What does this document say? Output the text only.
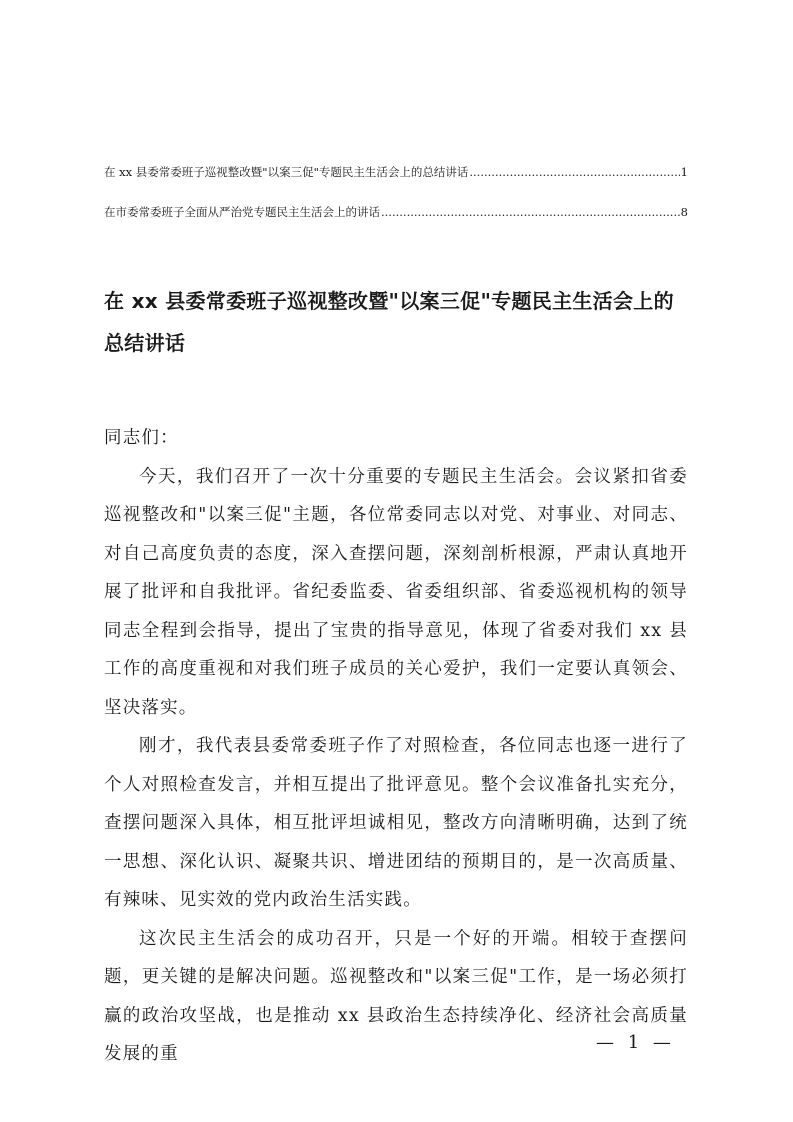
在 xx 县委常委班子巡视整改暨"以案三促"专题民主生活会上的总结讲话 .....	1
在市委常委班子全面从严治党专题民主生活会上的讲话 .....	8
在 xx 县委常委班子巡视整改暨"以案三促"专题民主生活会上的
总结讲话

同志们：

今天，我们召开了一次十分重要的专题民主生活会。会议紧扣省委巡视整改和"以案三促"主题，各位常委同志以对党、对事业、对同志、对自己高度负责的态度，深入查摆问题，深刻剖析根源，严肃认真地开展了批评和自我批评。省纪委监委、省委组织部、省委巡视机构的领导同志全程到会指导，提出了宝贵的指导意见，体现了省委对我们 xx 县工作的高度重视和对我们班子成员的关心爱护，我们一定要认真领会、坚决落实。

刚才，我代表县委常委班子作了对照检查，各位同志也逐一进行了个人对照检查发言，并相互提出了批评意见。整个会议准备扎实充分，查摆问题深入具体，相互批评坦诚相见，整改方向清晰明确，达到了统一思想、深化认识、凝聚共识、增进团结的预期目的，是一次高质量、有辣味、见实效的党内政治生活实践。

这次民主生活会的成功召开，只是一个好的开端。相较于查摆问题，更关键的是解决问题。巡视整改和"以案三促"工作，是一场必须打赢的政治攻坚战，也是推动 xx 县政治生态持续净化、经济社会高质量发展的重

— 1 —
